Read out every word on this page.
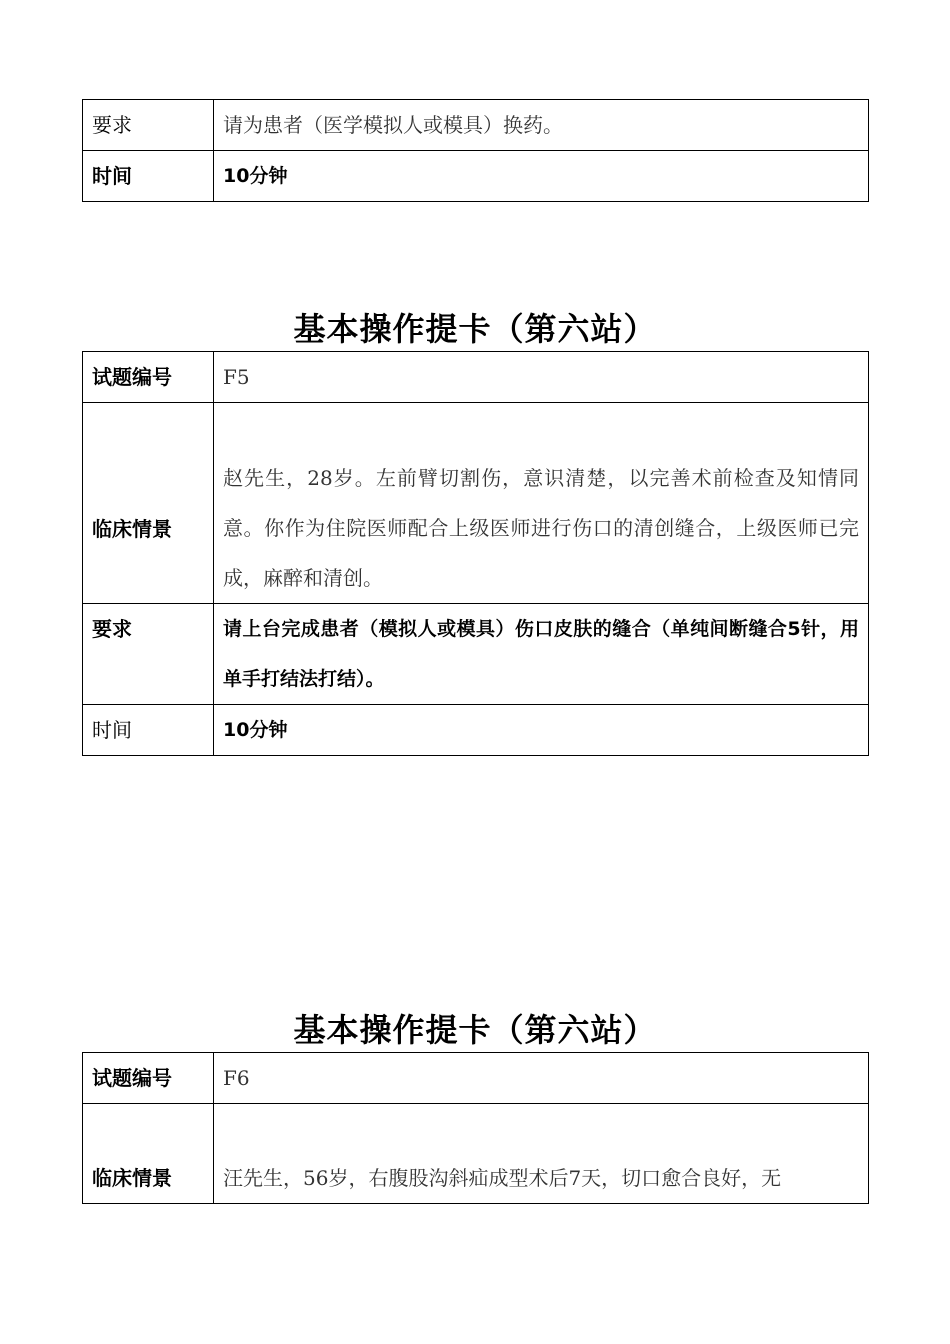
要求	请为患者（医学模拟人或模具）换药。
时间	10分钟
基本操作提卡（第六站）
试题编号	F5
临床情景	赵先生，28岁。左前臂切割伤，意识清楚，以完善术前检查及知情同意。你作为住院医师配合上级医师进行伤口的清创缝合，上级医师已完成，麻醉和清创。
要求	请上台完成患者（模拟人或模具）伤口皮肤的缝合（单纯间断缝合5针，用单手打结法打结）。
时间	10分钟
基本操作提卡（第六站）
试题编号	F6
临床情景	汪先生，56岁，右腹股沟斜疝成型术后7天，切口愈合良好，无
